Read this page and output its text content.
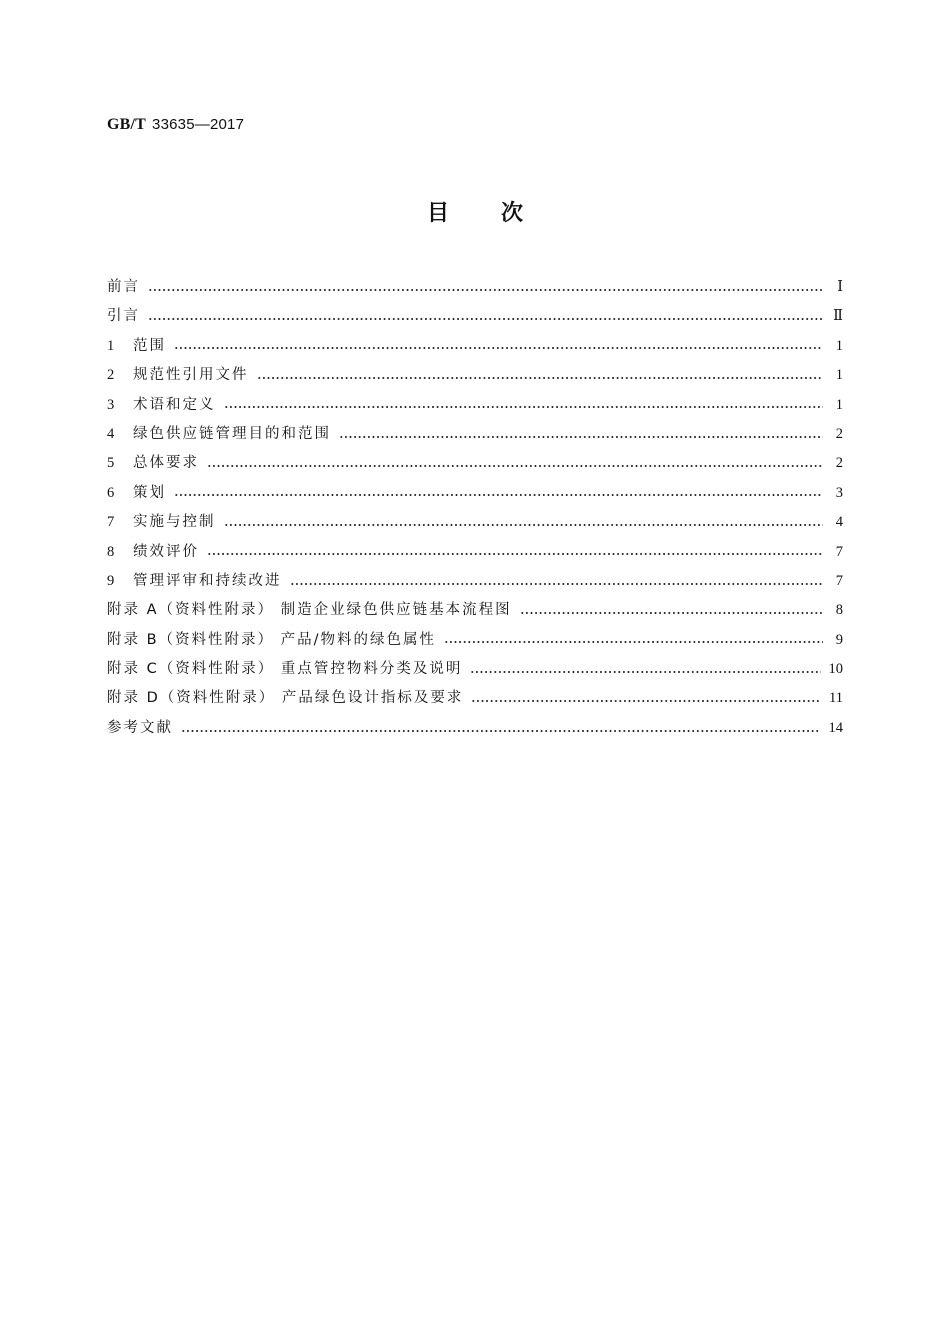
GB/T 33635—2017
目 次
前言	Ⅰ
引言	Ⅱ
1	范围	1
2	规范性引用文件	1
3	术语和定义	1
4	绿色供应链管理目的和范围	2
5	总体要求	2
6	策划	3
7	实施与控制	4
8	绩效评价	7
9	管理评审和持续改进	7
附录 A（资料性附录） 制造企业绿色供应链基本流程图	8
附录 B（资料性附录） 产品/物料的绿色属性	9
附录 C（资料性附录） 重点管控物料分类及说明	10
附录 D（资料性附录） 产品绿色设计指标及要求	11
参考文献	14
